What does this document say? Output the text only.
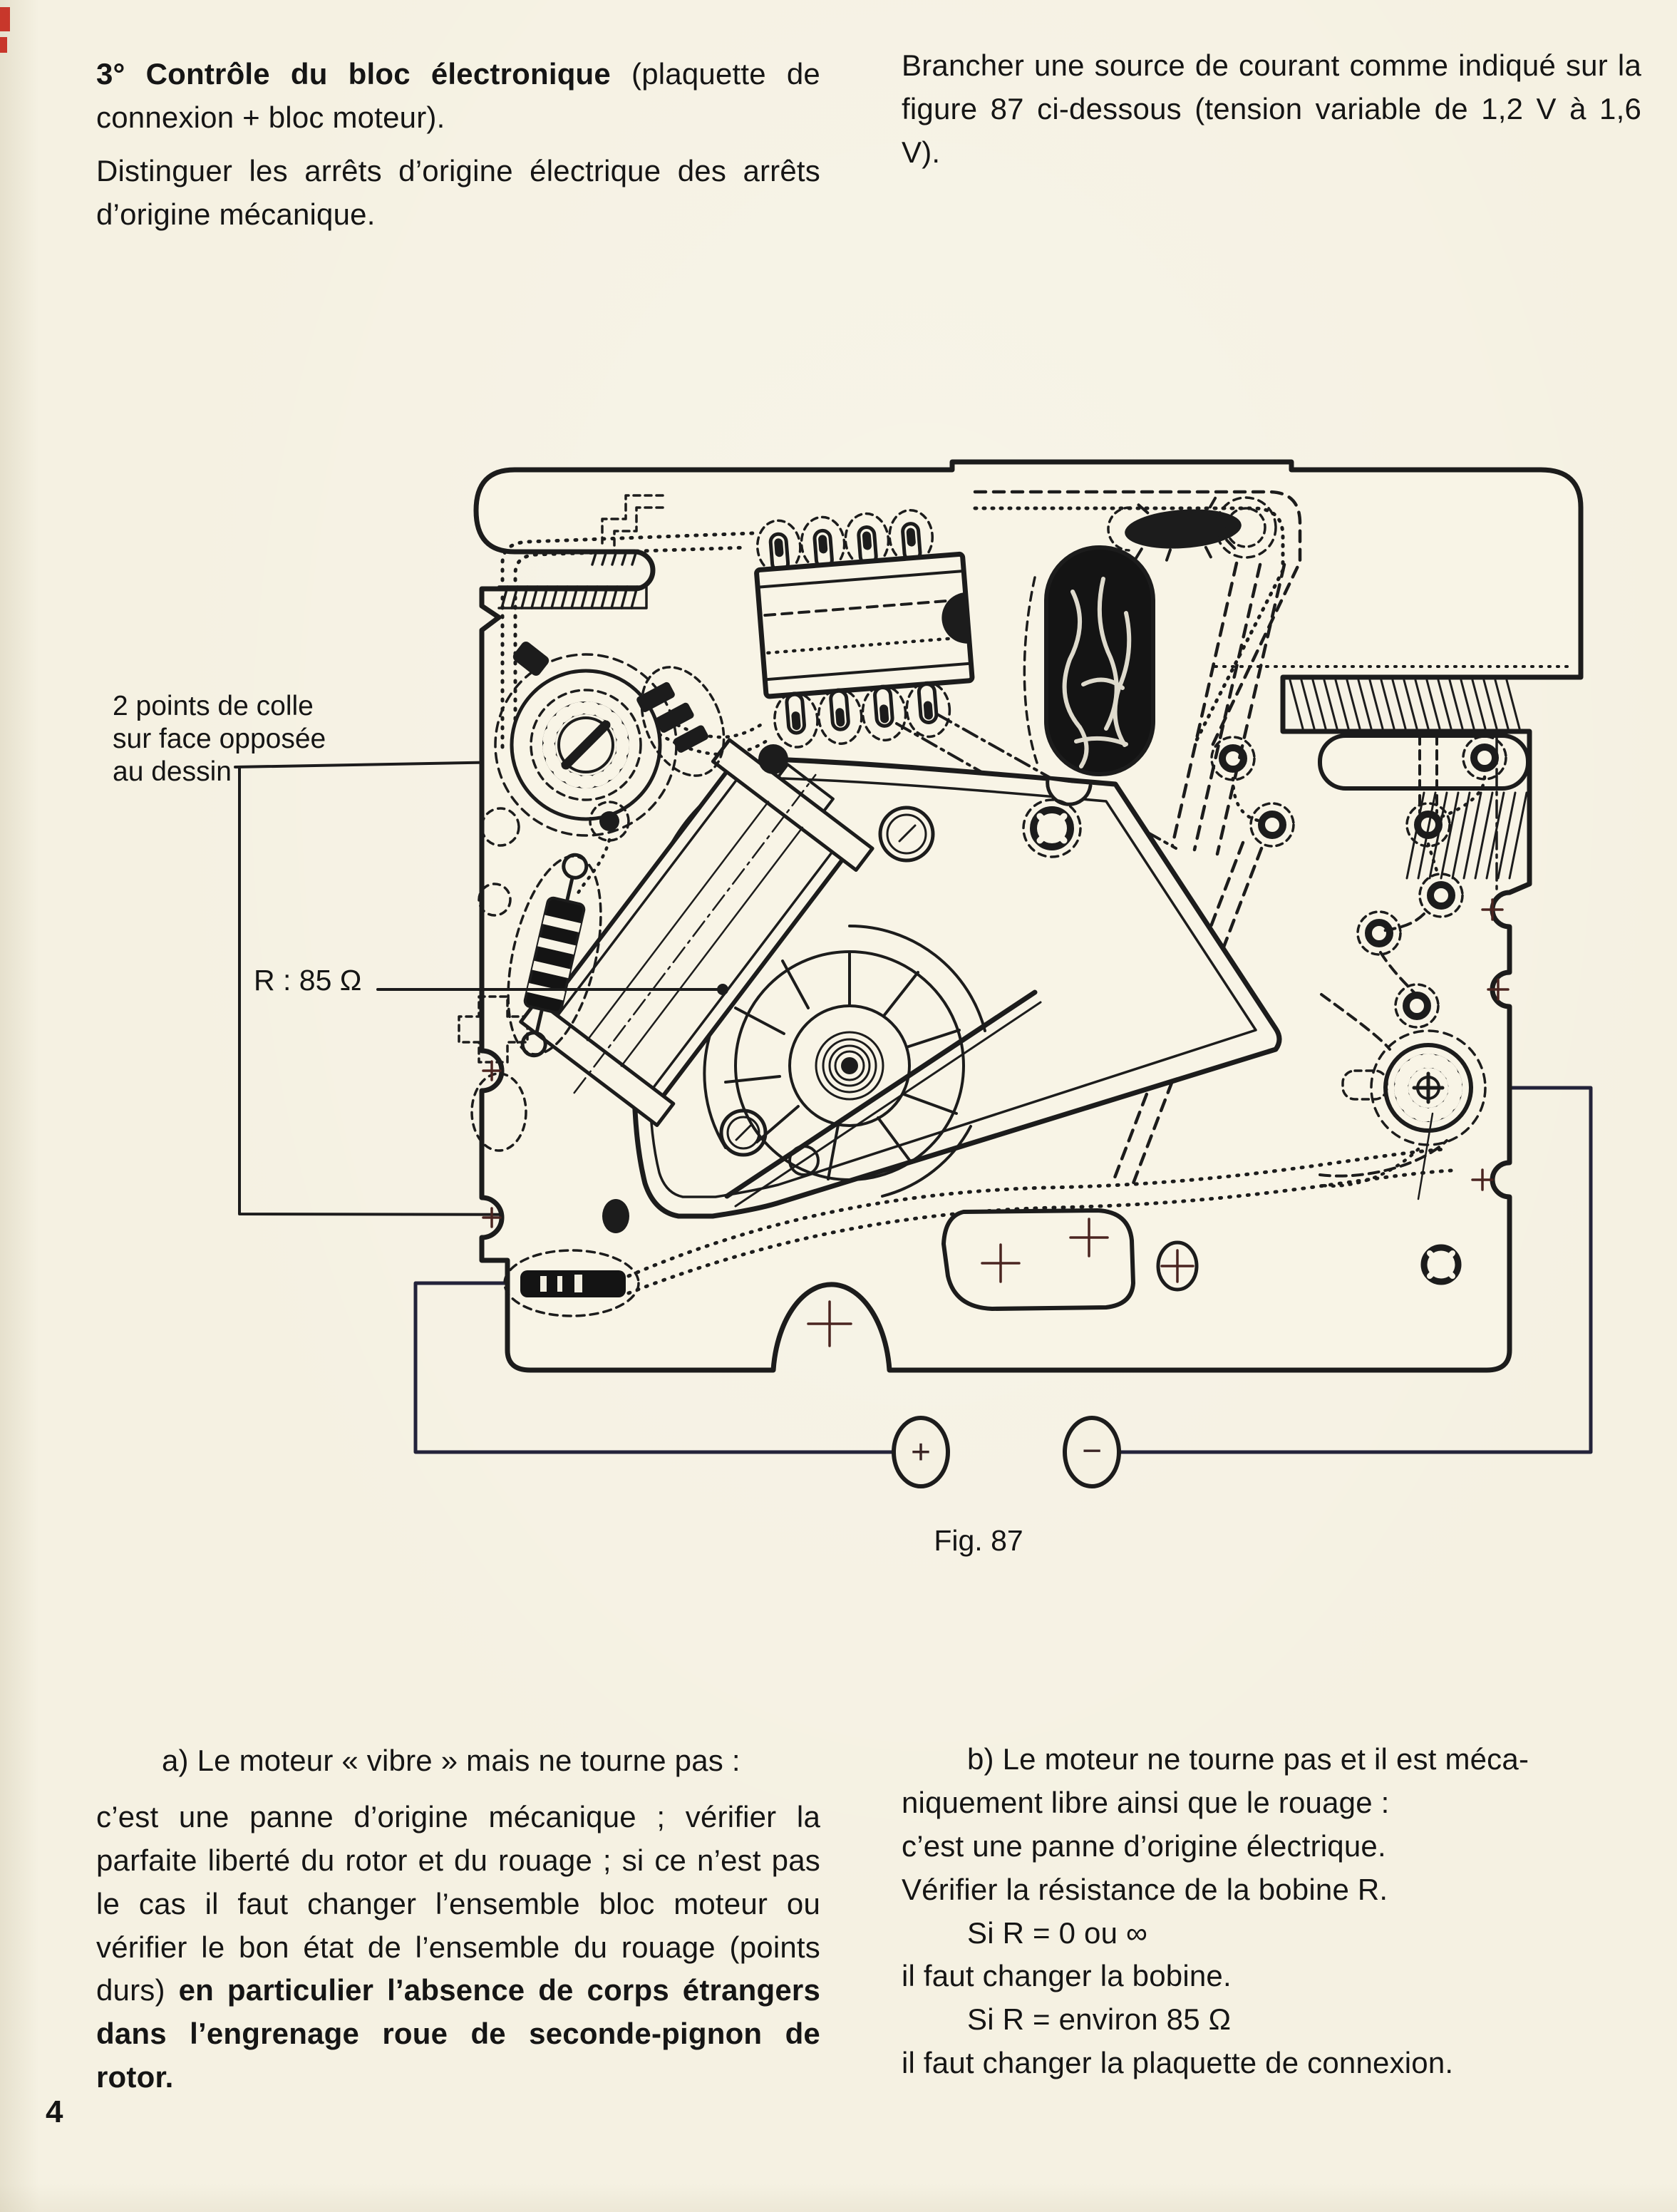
3° Contrôle du bloc électronique (plaquette de connexion + bloc moteur).
Distinguer les arrêts d’origine électrique des arrêts d’origine mécanique.
Brancher une source de courant comme indiqué sur la figure 87 ci-dessous (tension variable de 1,2 V à 1,6 V).
+	−
2 points de colle
sur face opposée
au dessin
R : 85 Ω
Fig. 87
a) Le moteur « vibre » mais ne tourne pas :
c’est une panne d’origine mécanique ; vérifier la parfaite liberté du rotor et du rouage ; si ce n’est pas le cas il faut changer l’ensemble bloc moteur ou vérifier le bon état de l’ensemble du rouage (points durs) en particulier l’absence de corps étrangers dans l’engrenage roue de seconde-pignon de rotor.
b) Le moteur ne tourne pas et il est méca-
niquement libre ainsi que le rouage :
c’est une panne d’origine électrique.
Vérifier la résistance de la bobine R.
Si R = 0 ou ∞
il faut changer la bobine.
Si R = environ 85 Ω
il faut changer la plaquette de connexion.
4
